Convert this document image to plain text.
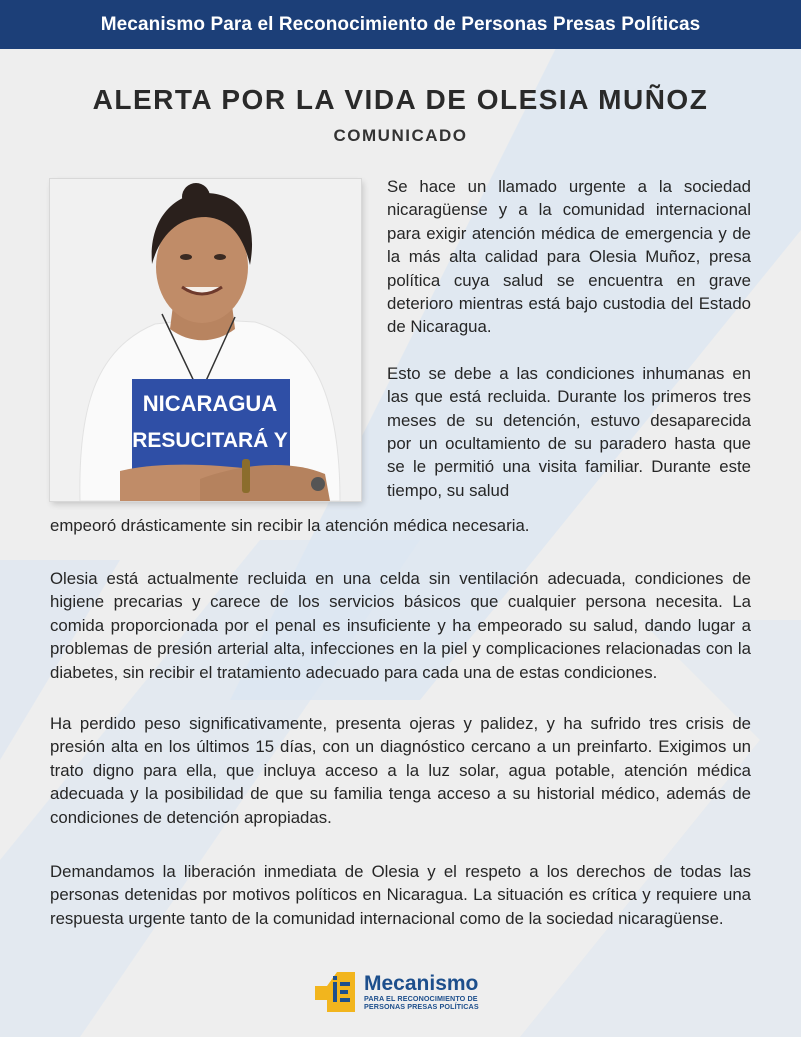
Mecanismo Para el Reconocimiento de Personas Presas Políticas
ALERTA POR LA VIDA DE OLESIA MUÑOZ
COMUNICADO
NICARAGUA
RESUCITARÁ Y

Se hace un llamado urgente a la sociedad nicaragüense y a la comunidad internacional para exigir atención médica de emergencia y de la más alta calidad para Olesia Muñoz, presa política cuya salud se encuentra en grave deterioro mientras está bajo custodia del Estado de Nicaragua.

Esto se debe a las condiciones inhumanas en las que está recluida. Durante los primeros tres meses de su detención, estuvo desaparecida por un ocultamiento de su paradero hasta que se le permitió una visita familiar. Durante este tiempo, su salud

empeoró drásticamente sin recibir la atención médica necesaria.

Olesia está actualmente recluida en una celda sin ventilación adecuada, condiciones de higiene precarias y carece de los servicios básicos que cualquier persona necesita. La comida proporcionada por el penal es insuficiente y ha empeorado su salud, dando lugar a problemas de presión arterial alta, infecciones en la piel y complicaciones relacionadas con la diabetes, sin recibir el tratamiento adecuado para cada una de estas condiciones.

Ha perdido peso significativamente, presenta ojeras y palidez, y ha sufrido tres crisis de presión alta en los últimos 15 días, con un diagnóstico cercano a un preinfarto. Exigimos un trato digno para ella, que incluya acceso a la luz solar, agua potable, atención médica adecuada y la posibilidad de que su familia tenga acceso a su historial médico, además de condiciones de detención apropiadas.

Demandamos la liberación inmediata de Olesia y el respeto a los derechos de todas las personas detenidas por motivos políticos en Nicaragua. La situación es crítica y requiere una respuesta urgente tanto de la comunidad internacional como de la sociedad nicaragüense.

Mecanismo
PARA EL RECONOCIMIENTO DE
PERSONAS PRESAS POLÍTICAS
